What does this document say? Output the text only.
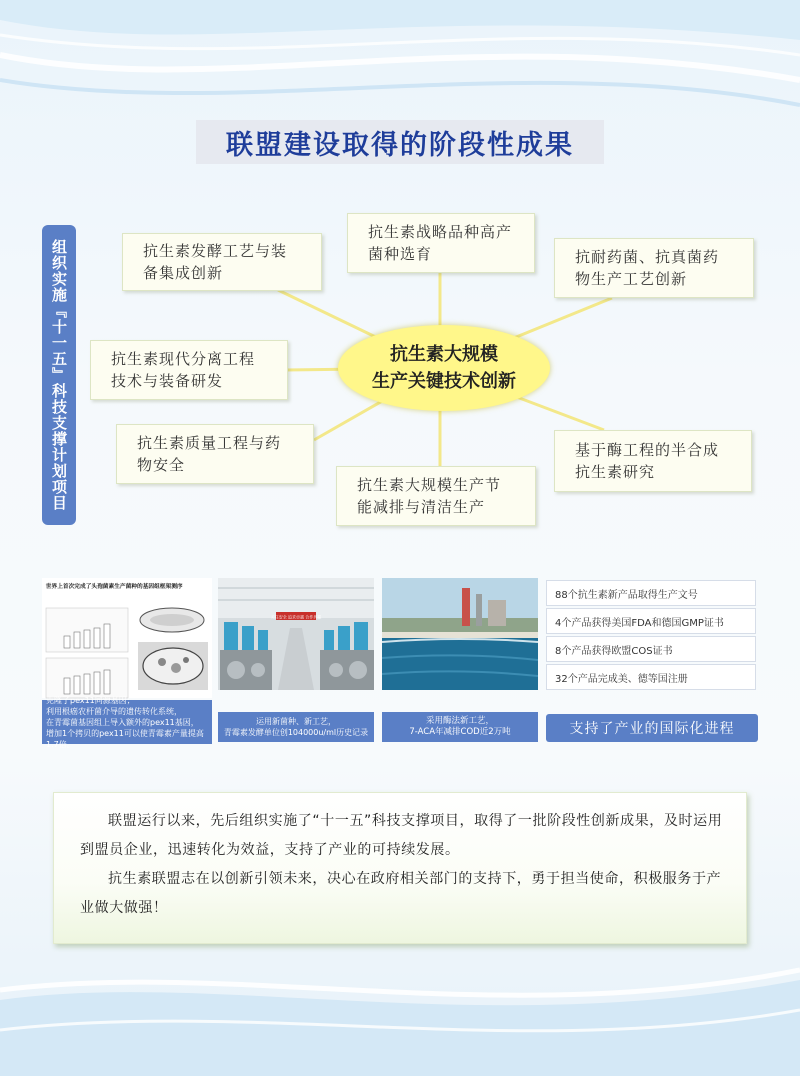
联盟建设取得的阶段性成果
组织实施『十一五』科技支撑计划项目	抗生素大规模
生产关键技术创新
抗生素发酵工艺与装备集成创新
抗生素战略品种高产菌种选育	抗耐药菌、抗真菌药物生产工艺创新
抗生素现代分离工程技术与装备研发
抗生素质量工程与药物安全
抗生素大规模生产节能减排与清洁生产
基于酶工程的半合成抗生素研究
世界上首次完成了头孢菌素生产菌种的基因组框架测序
克隆了pex11同源基因；
利用根癌农杆菌介导的遗传转化系统，
在青霉菌基因组上导入额外的pex11基因，
增加1个拷贝的pex11可以使青霉素产量提高1.7倍。
关注安全 追求卓越 合作共赢
运用新菌种、新工艺，
青霉素发酵单位创104000u/ml历史记录
采用酶法新工艺，
7-ACA年减排COD近2万吨
88个抗生素新产品取得生产文号
4个产品获得美国FDA和德国GMP证书
8个产品获得欧盟COS证书
32个产品完成美、德等国注册
支持了产业的国际化进程

联盟运行以来，先后组织实施了“十一五”科技支撑项目，取得了一批阶段性创新成果，及时运用到盟员企业，迅速转化为效益，支持了产业的可持续发展。

抗生素联盟志在以创新引领未来，决心在政府相关部门的支持下，勇于担当使命，积极服务于产业做大做强！
